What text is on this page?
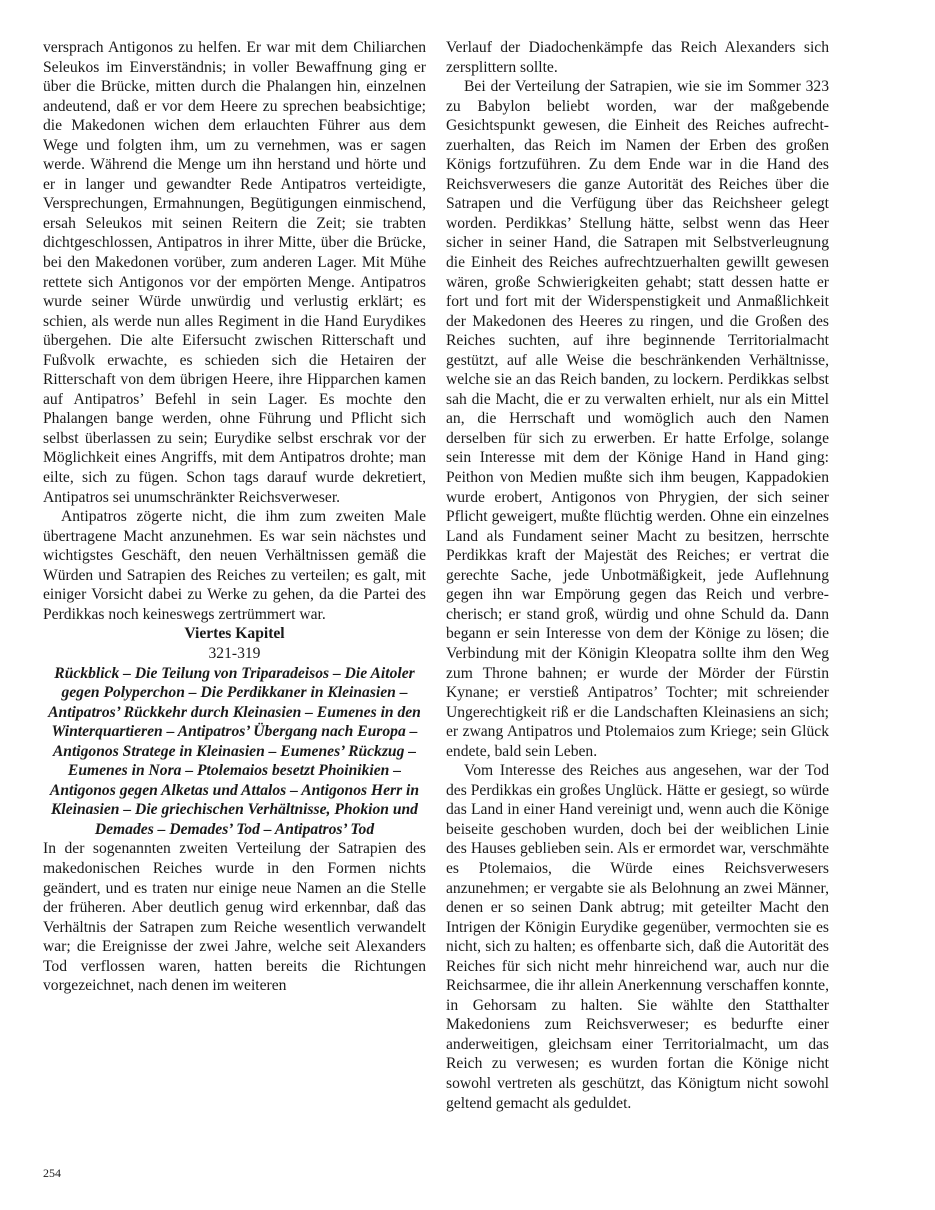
versprach Antigonos zu helfen. Er war mit dem Chiliarchen Seleukos im Einverständnis; in voller Bewaffnung ging er über die Brücke, mitten durch die Phalangen hin, einzelnen andeutend, daß er vor dem Heere zu sprechen beabsichtige; die Makedonen wichen dem erlauchten Führer aus dem Wege und folgten ihm, um zu vernehmen, was er sagen werde. Während die Menge um ihn herstand und hörte und er in langer und gewandter Rede Antipatros verteidigte, Versprechungen, Ermahnungen, Begütigungen einmischend, ersah Seleukos mit seinen Reitern die Zeit; sie trabten dichtgeschlossen, Antipatros in ihrer Mitte, über die Brücke, bei den Makedonen vorüber, zum anderen Lager. Mit Mühe rettete sich Antigonos vor der empörten Menge. Antipatros wurde seiner Würde unwürdig und verlustig erklärt; es schien, als werde nun alles Regiment in die Hand Eurydikes übergehen. Die alte Eifersucht zwischen Ritterschaft und Fußvolk erwachte, es schieden sich die Hetairen der Ritterschaft von dem übrigen Heere, ihre Hipparchen kamen auf Antipatros’ Befehl in sein Lager. Es mochte den Phalangen bange werden, ohne Führung und Pflicht sich selbst überlassen zu sein; Eurydike selbst erschrak vor der Möglichkeit eines Angriffs, mit dem Antipatros drohte; man eilte, sich zu fügen. Schon tags darauf wurde dekretiert, Antipatros sei unumschränkter Reichsverweser.

Antipatros zögerte nicht, die ihm zum zweiten Male übertragene Macht anzunehmen. Es war sein nächstes und wichtigstes Geschäft, den neuen Verhältnissen gemäß die Würden und Satrapien des Reiches zu verteilen; es galt, mit einiger Vorsicht dabei zu Werke zu gehen, da die Partei des Perdikkas noch keineswegs zertrümmert war.

Viertes Kapitel

321-319

Rückblick – Die Teilung von Triparadeisos – Die Aitoler gegen Polyperchon – Die Perdikkaner in Kleinasien – Antipatros’ Rückkehr durch Kleinasien – Eumenes in den Winterquartieren – Antipatros’ Übergang nach Europa – Antigonos Stratege in Kleinasien – Eumenes’ Rückzug – Eumenes in Nora – Ptolemaios besetzt Phoinikien – Antigonos gegen Alketas und Attalos – Antigonos Herr in Kleinasien – Die griechischen Verhältnisse, Phokion und Demades – Demades’ Tod – Antipatros’ Tod

In der sogenannten zweiten Verteilung der Satrapien des makedonischen Reiches wurde in den Formen nichts geändert, und es traten nur einige neue Namen an die Stelle der früheren. Aber deutlich genug wird erkennbar, daß das Verhältnis der Satrapen zum Reiche wesentlich verwandelt war; die Ereignisse der zwei Jahre, welche seit Alexanders Tod verflossen waren, hatten bereits die Richtungen vorgezeichnet, nach denen im weiteren

Verlauf der Diadochenkämpfe das Reich Alexanders sich zersplittern sollte.

Bei der Verteilung der Satrapien, wie sie im Sommer 323 zu Babylon beliebt worden, war der maßgebende Gesichtspunkt gewesen, die Einheit des Reiches aufrechtzuerhalten, das Reich im Namen der Erben des großen Königs fortzuführen. Zu dem Ende war in die Hand des Reichsverwesers die ganze Autorität des Reiches über die Satrapen und die Verfügung über das Reichsheer gelegt worden. Perdikkas’ Stellung hätte, selbst wenn das Heer sicher in seiner Hand, die Satrapen mit Selbstverleugnung die Einheit des Reiches aufrechtzuerhalten gewillt gewesen wären, große Schwierigkeiten gehabt; statt dessen hatte er fort und fort mit der Widerspenstigkeit und Anmaßlichkeit der Makedonen des Heeres zu ringen, und die Großen des Reiches suchten, auf ihre beginnende Territorialmacht gestützt, auf alle Weise die beschränkenden Verhältnisse, welche sie an das Reich banden, zu lockern. Perdikkas selbst sah die Macht, die er zu verwalten erhielt, nur als ein Mittel an, die Herrschaft und womöglich auch den Namen derselben für sich zu erwerben. Er hatte Erfolge, solange sein Interesse mit dem der Könige Hand in Hand ging: Peithon von Medien mußte sich ihm beugen, Kappadokien wurde erobert, Antigonos von Phrygien, der sich seiner Pflicht geweigert, mußte flüchtig werden. Ohne ein einzelnes Land als Fundament seiner Macht zu besitzen, herrschte Perdikkas kraft der Majestät des Reiches; er vertrat die gerechte Sache, jede Unbotmäßigkeit, jede Auflehnung gegen ihn war Empörung gegen das Reich und verbrecherisch; er stand groß, würdig und ohne Schuld da. Dann begann er sein Interesse von dem der Könige zu lösen; die Verbindung mit der Königin Kleopatra sollte ihm den Weg zum Throne bahnen; er wurde der Mörder der Fürstin Kynane; er verstieß Antipatros’ Tochter; mit schreiender Ungerechtigkeit riß er die Landschaften Kleinasiens an sich; er zwang Antipatros und Ptolemaios zum Kriege; sein Glück endete, bald sein Leben.

Vom Interesse des Reiches aus angesehen, war der Tod des Perdikkas ein großes Unglück. Hätte er gesiegt, so würde das Land in einer Hand vereinigt und, wenn auch die Könige beiseite geschoben wurden, doch bei der weiblichen Linie des Hauses geblieben sein. Als er ermordet war, verschmähte es Ptolemaios, die Würde eines Reichsverwesers anzunehmen; er vergabte sie als Belohnung an zwei Männer, denen er so seinen Dank abtrug; mit geteilter Macht den Intrigen der Königin Eurydike gegenüber, vermochten sie es nicht, sich zu halten; es offenbarte sich, daß die Autorität des Reiches für sich nicht mehr hinreichend war, auch nur die Reichsarmee, die ihr allein Anerkennung verschaffen konnte, in Gehorsam zu halten. Sie wählte den Statthalter Makedoniens zum Reichsverweser; es bedurfte einer anderweitigen, gleichsam einer Territorialmacht, um das Reich zu verwesen; es wurden fortan die Könige nicht sowohl vertreten als geschützt, das Königtum nicht sowohl geltend gemacht als geduldet.

254
